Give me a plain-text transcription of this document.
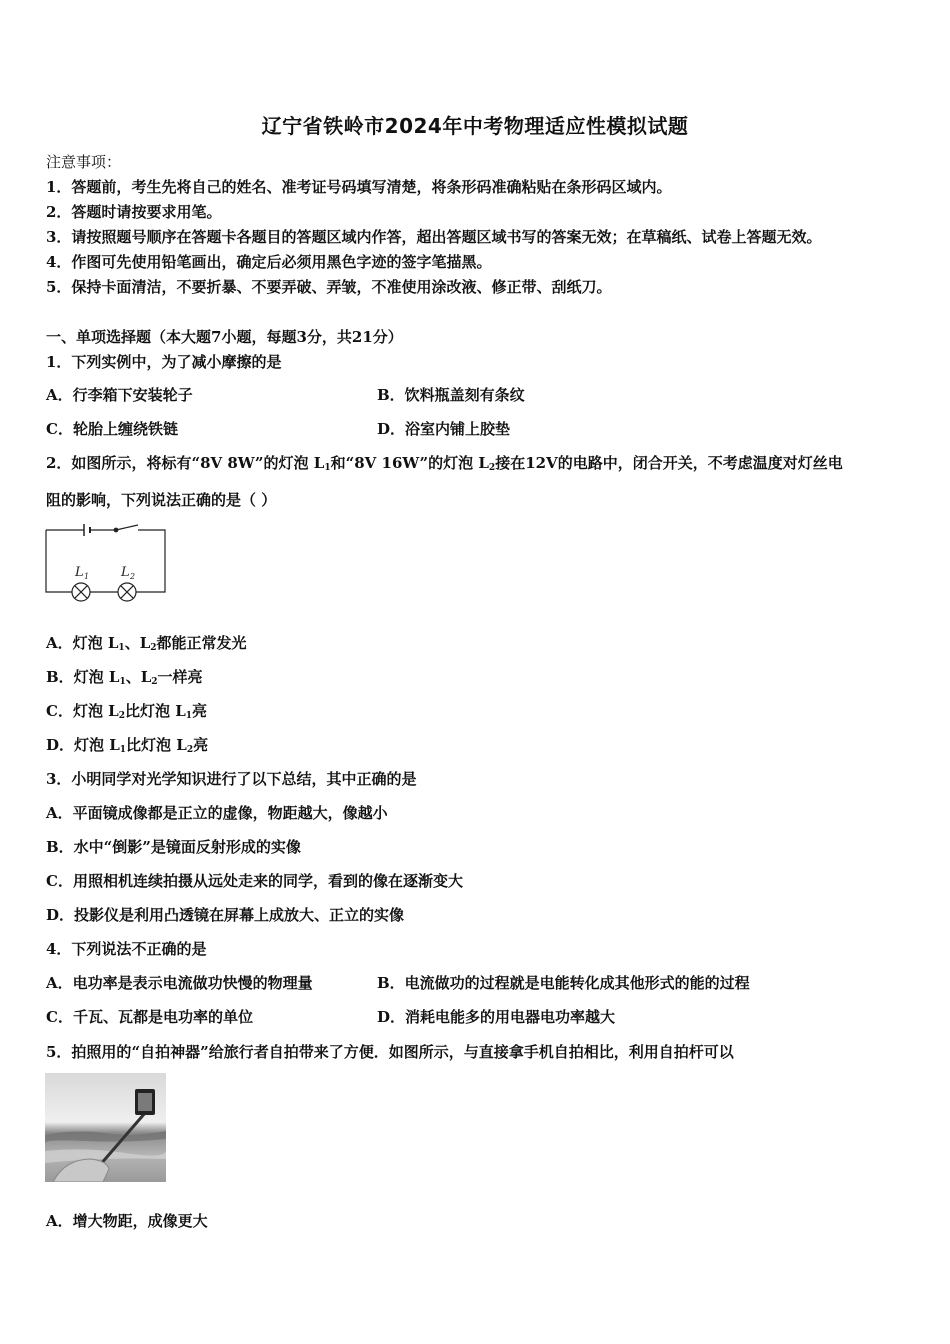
辽宁省铁岭市2024年中考物理适应性模拟试题
注意事项：
1．答题前，考生先将自己的姓名、准考证号码填写清楚，将条形码准确粘贴在条形码区域内。
2．答题时请按要求用笔。
3．请按照题号顺序在答题卡各题目的答题区域内作答，超出答题区域书写的答案无效；在草稿纸、试卷上答题无效。
4．作图可先使用铅笔画出，确定后必须用黑色字迹的签字笔描黑。
5．保持卡面清洁，不要折暴、不要弄破、弄皱，不准使用涂改液、修正带、刮纸刀。
一、单项选择题（本大题7小题，每题3分，共21分）
1．下列实例中，为了减小摩擦的是
A．行李箱下安装轮子	B．饮料瓶盖刻有条纹
C．轮胎上缠绕铁链	D．浴室内铺上胶垫
2．如图所示，将标有“8V 8W”的灯泡 $L_1$和“8V 16W”的灯泡 $L_2$接在12V的电路中，闭合开关，不考虑温度对灯丝电
阻的影响，下列说法正确的是（ ）
L 1 L 2
A．灯泡 $L_1$、$L_2$都能正常发光
B．灯泡 $L_1$、$L_2$一样亮
C．灯泡 $L_2$比灯泡 $L_1$亮
D．灯泡 $L_1$比灯泡 $L_2$亮
3．小明同学对光学知识进行了以下总结，其中正确的是
A．平面镜成像都是正立的虚像，物距越大，像越小
B．水中“倒影”是镜面反射形成的实像
C．用照相机连续拍摄从远处走来的同学，看到的像在逐渐变大
D．投影仪是利用凸透镜在屏幕上成放大、正立的实像
4．下列说法不正确的是
A．电功率是表示电流做功快慢的物理量	B．电流做功的过程就是电能转化成其他形式的能的过程
C．千瓦、瓦都是电功率的单位	D．消耗电能多的用电器电功率越大
5．拍照用的“自拍神器”给旅行者自拍带来了方便．如图所示，与直接拿手机自拍相比，利用自拍杆可以
A．增大物距，成像更大
